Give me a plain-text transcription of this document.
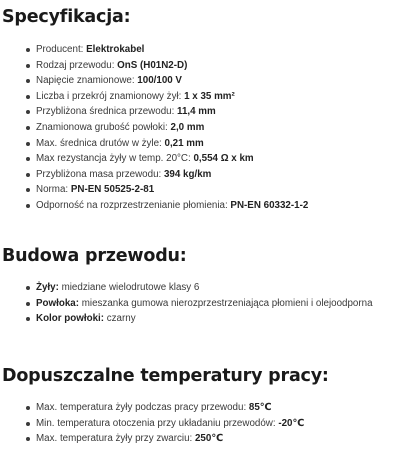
Specyfikacja:
Producent: Elektrokabel
Rodzaj przewodu: OnS (H01N2-D)
Napięcie znamionowe: 100/100 V
Liczba i przekrój znamionowy żył: 1 x 35 mm²
Przybliżona średnica przewodu: 11,4 mm
Znamionowa grubość powłoki: 2,0 mm
Max. średnica drutów w żyle: 0,21 mm
Max rezystancja żyły w temp. 20°C: 0,554 Ω x km
Przybliżona masa przewodu: 394 kg/km
Norma: PN-EN 50525-2-81
Odporność na rozprzestrzenianie płomienia: PN-EN 60332-1-2
Budowa przewodu:
Żyły: miedziane wielodrutowe klasy 6
Powłoka: mieszanka gumowa nierozprzestrzeniająca płomieni i olejoodporna
Kolor powłoki: czarny
Dopuszczalne temperatury pracy:
Max. temperatura żyły podczas pracy przewodu: 85℃
Min. temperatura otoczenia przy układaniu przewodów: -20℃
Max. temperatura żyły przy zwarciu: 250℃
